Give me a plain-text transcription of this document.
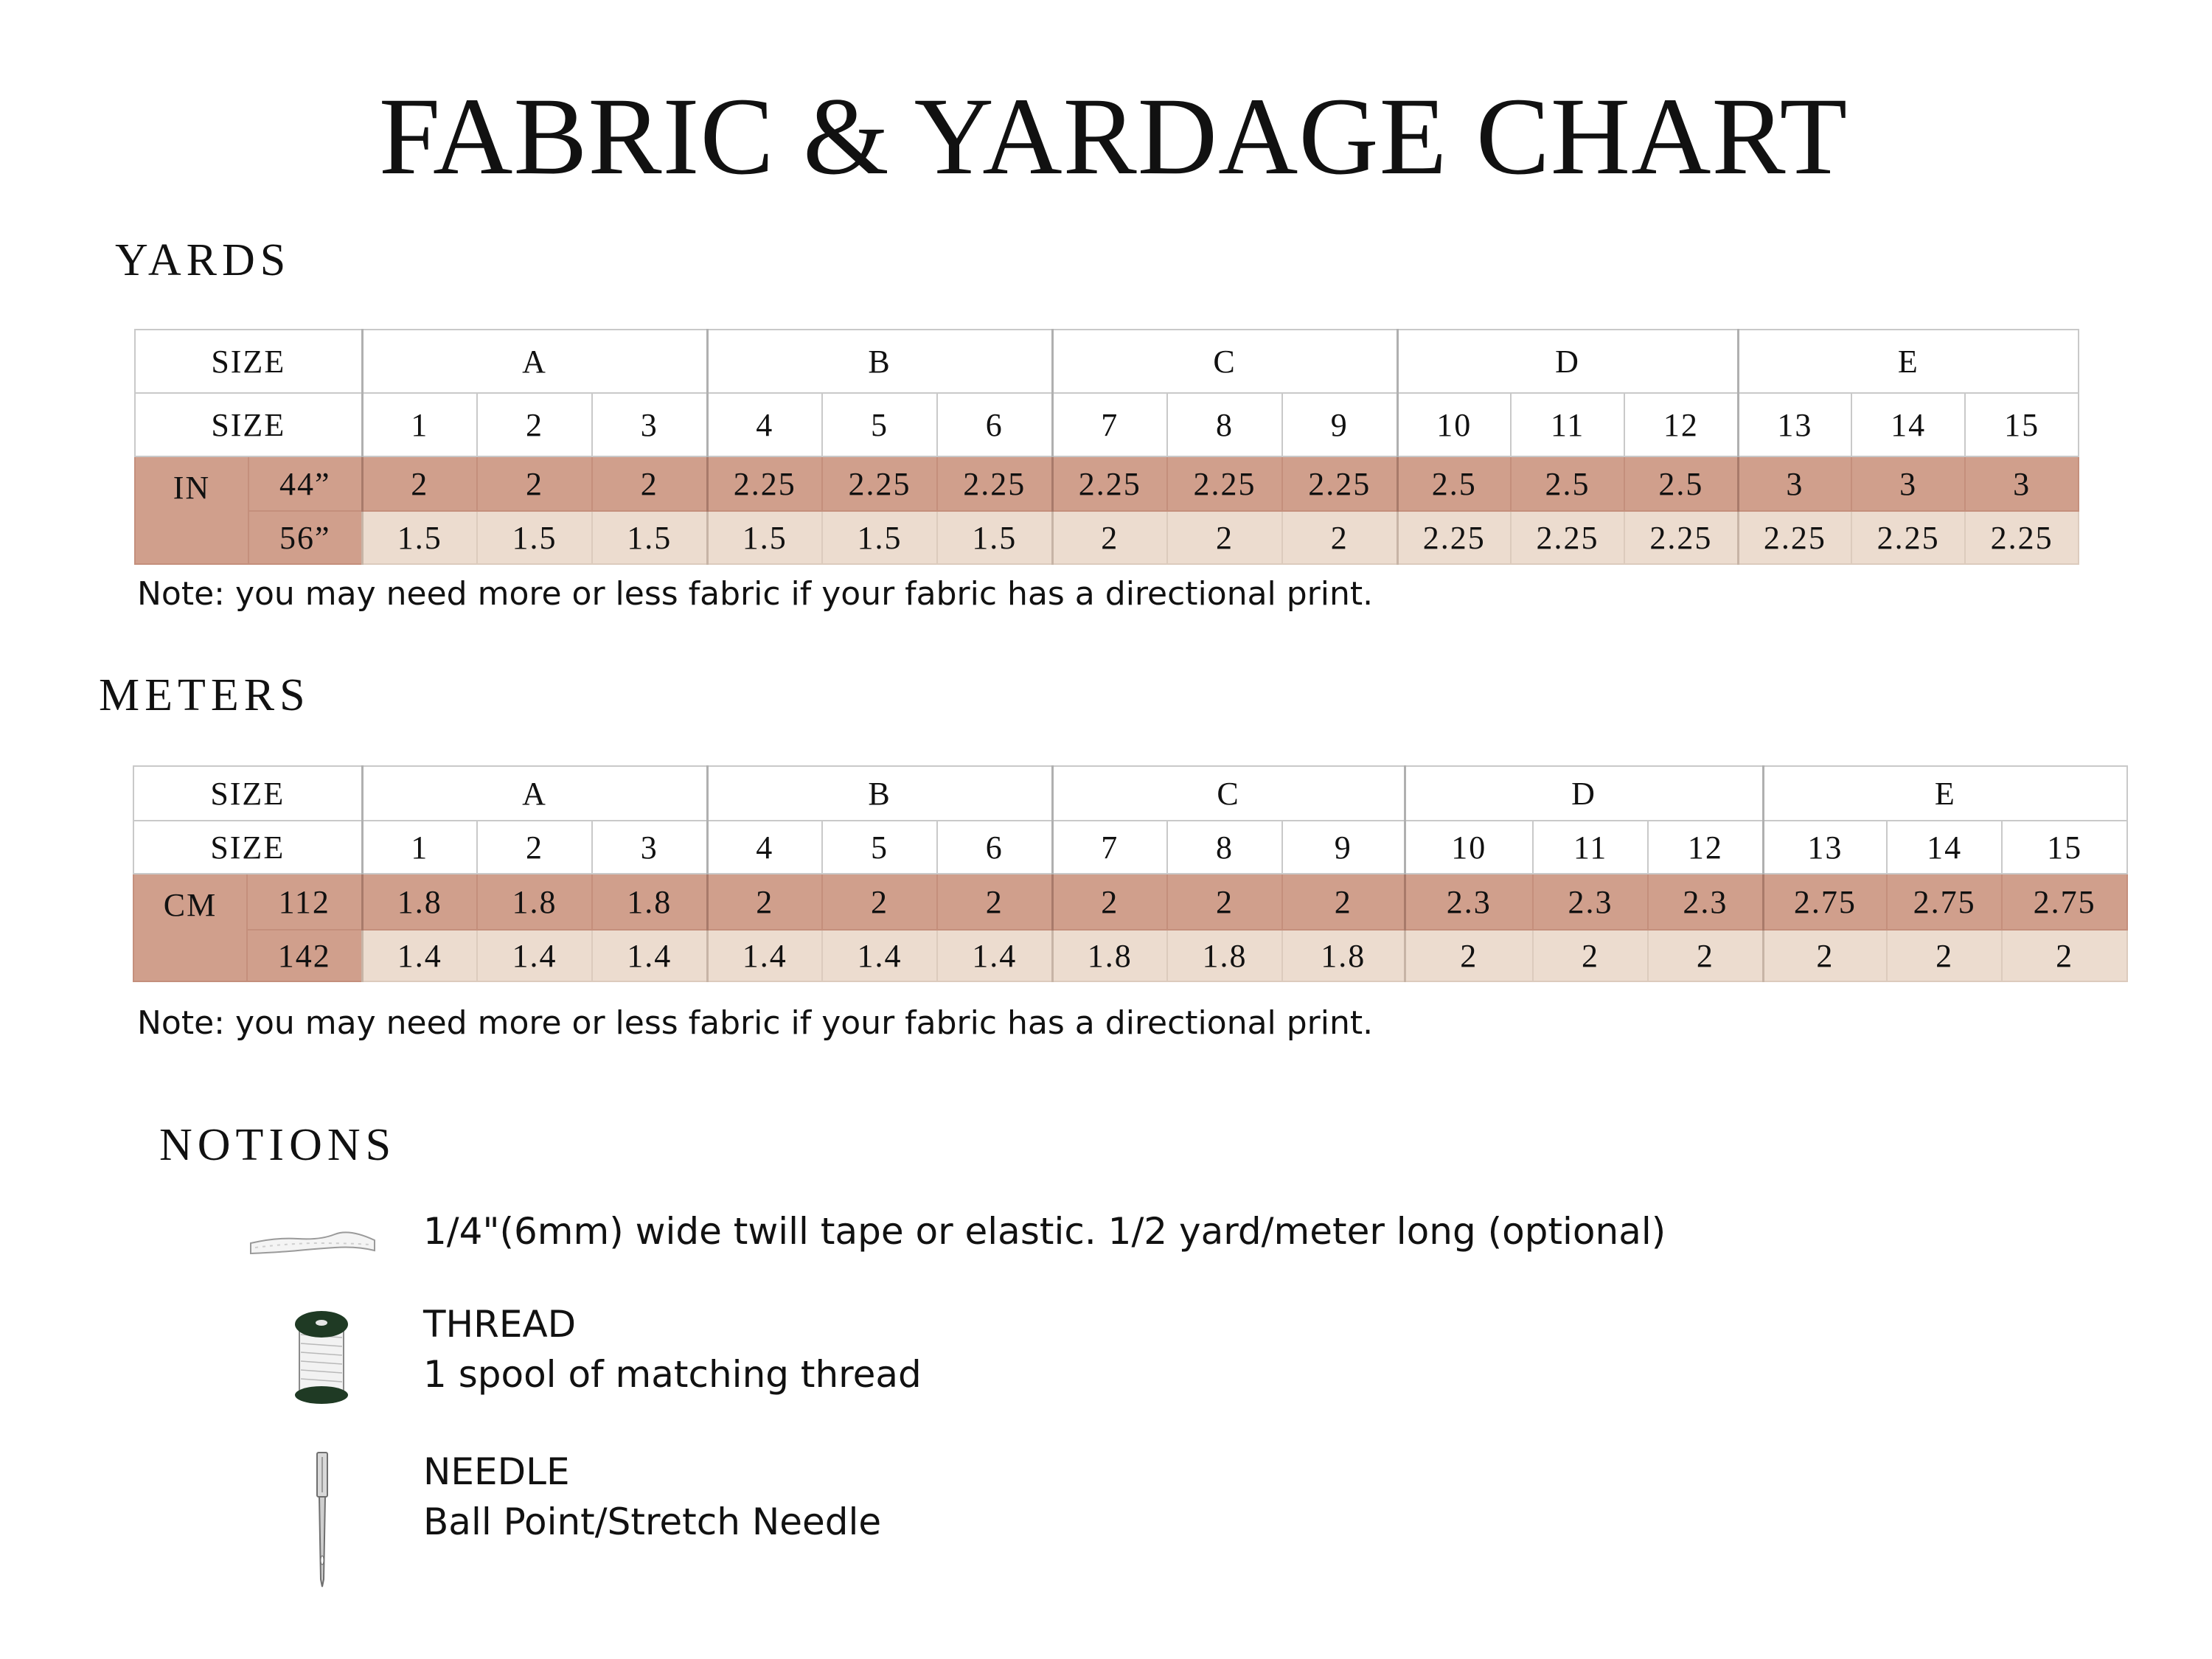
FABRIC & YARDAGE CHART
YARDS
SIZE		A			B			C			D			E		
SIZE		1	2	3	4	5	6	7	8	9	10	11	12	13	14	15
IN	44”	2	2	2	2.25	2.25	2.25	2.25	2.25	2.25	2.5	2.5	2.5	3	3	3
	56”	1.5	1.5	1.5	1.5	1.5	1.5	2	2	2	2.25	2.25	2.25	2.25	2.25	2.25

Note: you may need more or less fabric if your fabric has a directional print.

METERS
SIZE		A			B			C			D			E		
SIZE		1	2	3	4	5	6	7	8	9	10	11	12	13	14	15
CM	112	1.8	1.8	1.8	2	2	2	2	2	2	2.3	2.3	2.3	2.75	2.75	2.75
	142	1.4	1.4	1.4	1.4	1.4	1.4	1.8	1.8	1.8	2	2	2	2	2	2

Note: you may need more or less fabric if your fabric has a directional print.

NOTIONS
1/4"(6mm) wide twill tape or elastic. 1/2 yard/meter long (optional)
THREAD
1 spool of matching thread
NEEDLE
Ball Point/Stretch Needle
